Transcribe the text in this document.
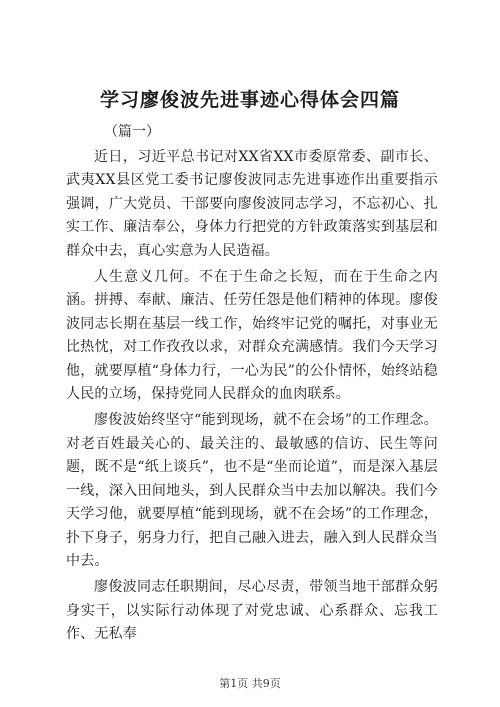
学习廖俊波先进事迹心得体会四篇
（篇一）

近日，习近平总书记对XX省XX市委原常委、副市长、武夷XX县区党工委书记廖俊波同志先进事迹作出重要指示强调，广大党员、干部要向廖俊波同志学习，不忘初心、扎实工作、廉洁奉公，身体力行把党的方针政策落实到基层和群众中去，真心实意为人民造福。

人生意义几何。不在于生命之长短，而在于生命之内涵。拼搏、奉献、廉洁、任劳任怨是他们精神的体现。廖俊波同志长期在基层一线工作，始终牢记党的嘱托，对事业无比热忱，对工作孜孜以求，对群众充满感情。我们今天学习他，就要厚植“身体力行，一心为民”的公仆情怀，始终站稳人民的立场，保持党同人民群众的血肉联系。

廖俊波始终坚守“能到现场，就不在会场”的工作理念。对老百姓最关心的、最关注的、最敏感的信访、民生等问题，既不是“纸上谈兵”，也不是“坐而论道”，而是深入基层一线，深入田间地头，到人民群众当中去加以解决。我们今天学习他，就要厚植“能到现场，就不在会场”的工作理念，扑下身子，躬身力行，把自己融入进去，融入到人民群众当中去。

廖俊波同志任职期间，尽心尽责，带领当地干部群众躬身实干，以实际行动体现了对党忠诚、心系群众、忘我工作、无私奉

第1页 共9页
